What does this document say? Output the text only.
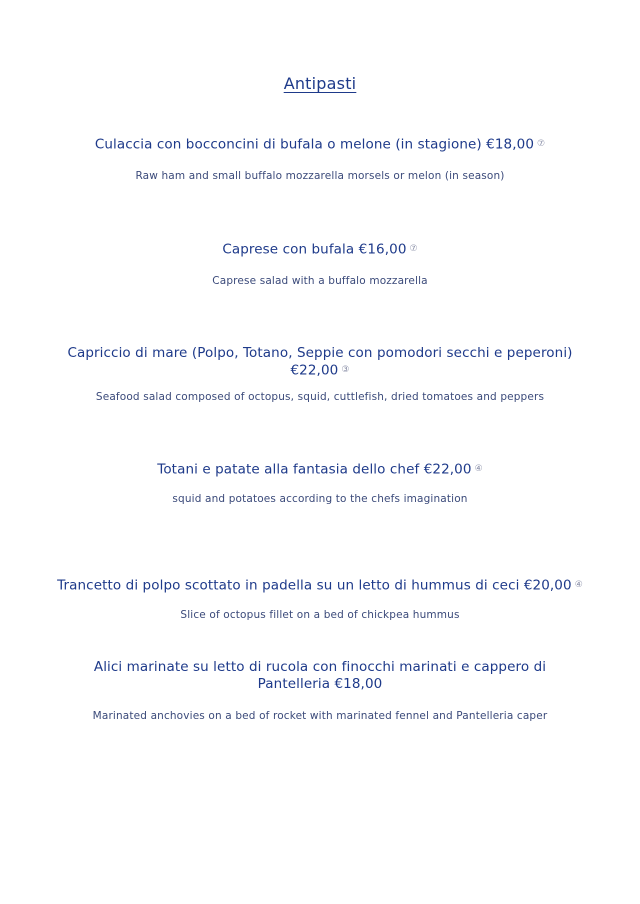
Antipasti
Culaccia con bocconcini di bufala o melone (in stagione) €18,00 ⑦
Raw ham and small buffalo mozzarella morsels or melon (in season)
Caprese con bufala €16,00 ⑦
Caprese salad with a buffalo mozzarella
Capriccio di mare (Polpo, Totano, Seppie con pomodori secchi e peperoni)
€22,00 ③
Seafood salad composed of octopus, squid, cuttlefish, dried tomatoes and peppers
Totani e patate alla fantasia dello chef €22,00 ④
squid and potatoes according to the chefs imagination
Trancetto di polpo scottato in padella su un letto di hummus di ceci €20,00 ④
Slice of octopus fillet on a bed of chickpea hummus
Alici marinate su letto di rucola con finocchi marinati e cappero di
Pantelleria €18,00
Marinated anchovies on a bed of rocket with marinated fennel and Pantelleria caper
